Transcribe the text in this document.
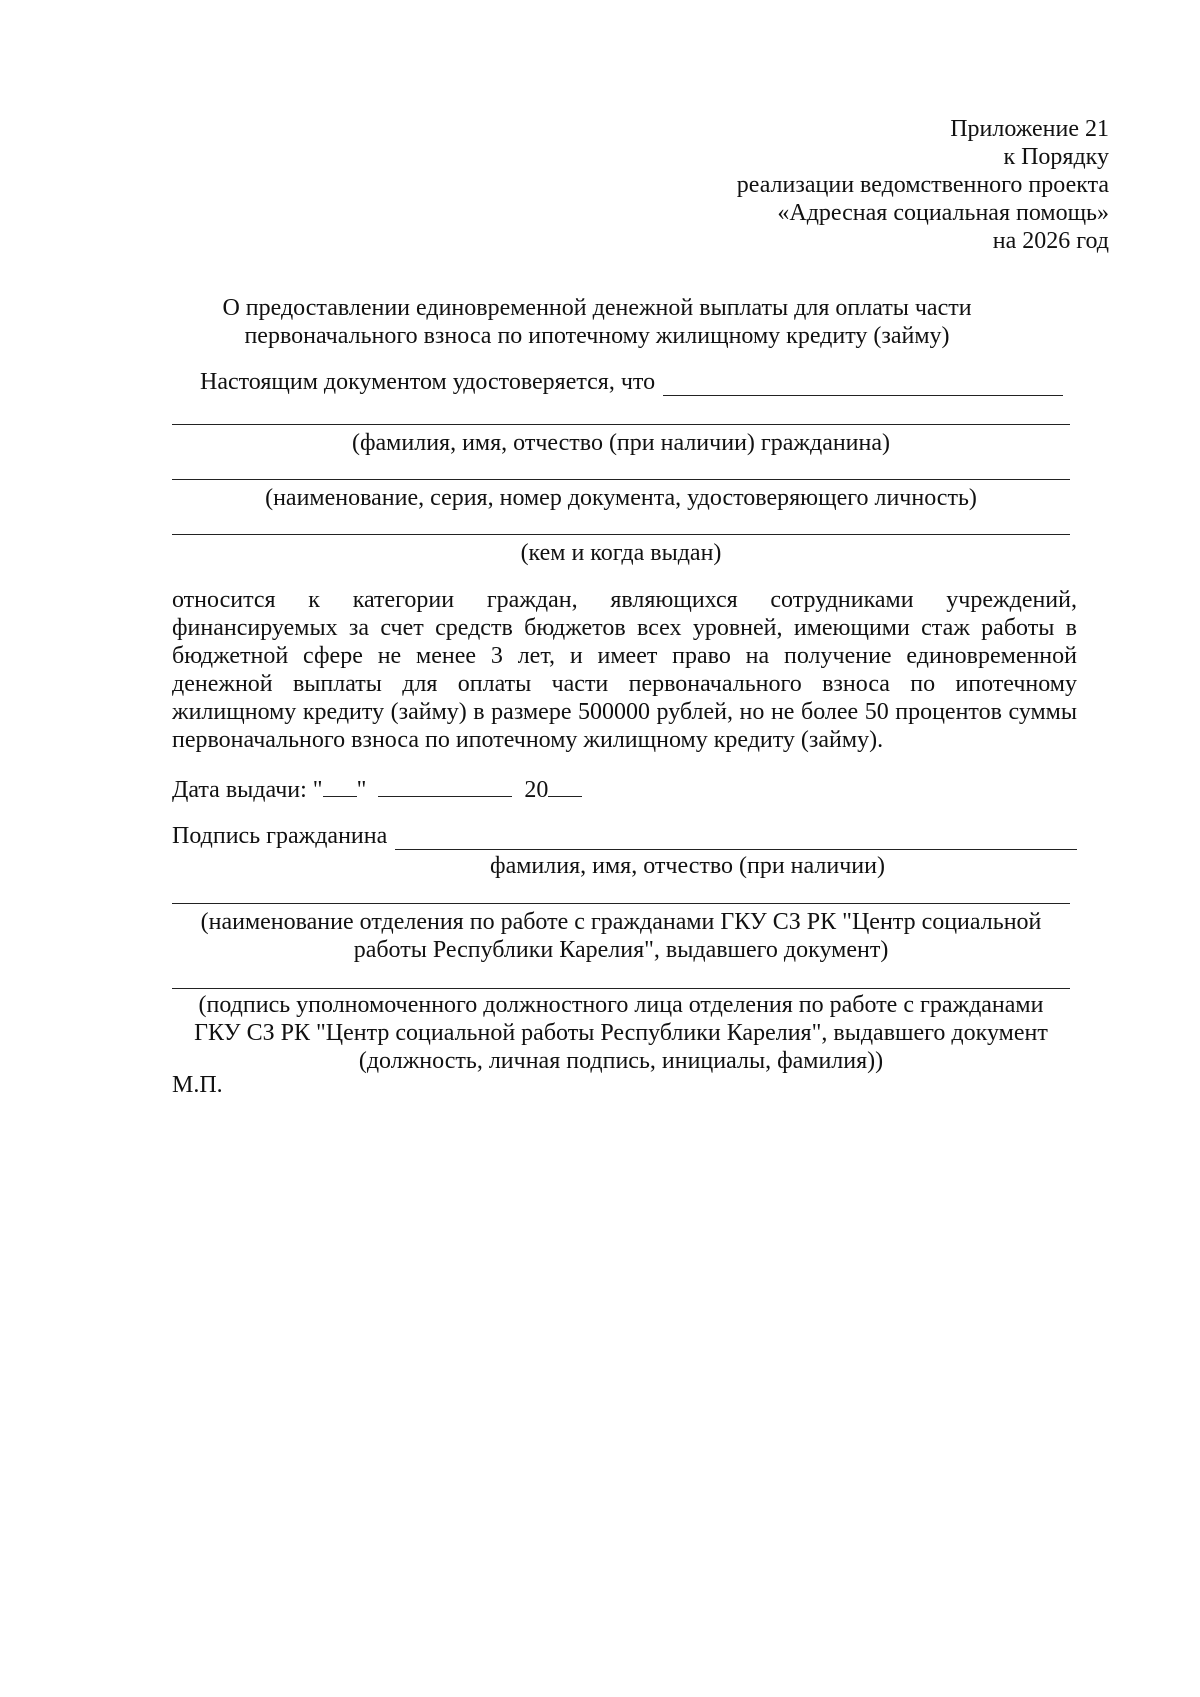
Приложение 21
к Порядку
реализации ведомственного проекта
«Адресная социальная помощь»
на 2026 год
О предоставлении единовременной денежной выплаты для оплаты части
первоначального взноса по ипотечному жилищному кредиту (займу)
Настоящим документом удостоверяется, что
(фамилия, имя, отчество (при наличии) гражданина)
(наименование, серия, номер документа, удостоверяющего личность)
(кем и когда выдан)
относится к категории граждан, являющихся сотрудниками учреждений, финансируемых за счет средств бюджетов всех уровней, имеющими стаж работы в бюджетной сфере не менее 3 лет, и имеет право на получение единовременной денежной выплаты для оплаты части первоначального взноса по ипотечному жилищному кредиту (займу) в размере 500000 рублей, но не более 50 процентов суммы первоначального взноса по ипотечному жилищному кредиту (займу).
Дата выдачи: " "	20
Подпись гражданина
фамилия, имя, отчество (при наличии)
(наименование отделения по работе с гражданами ГКУ СЗ РК "Центр социальной
работы Республики Карелия", выдавшего документ)
(подпись уполномоченного должностного лица отделения по работе с гражданами
ГКУ СЗ РК "Центр социальной работы Республики Карелия", выдавшего документ
(должность, личная подпись, инициалы, фамилия))
М.П.
